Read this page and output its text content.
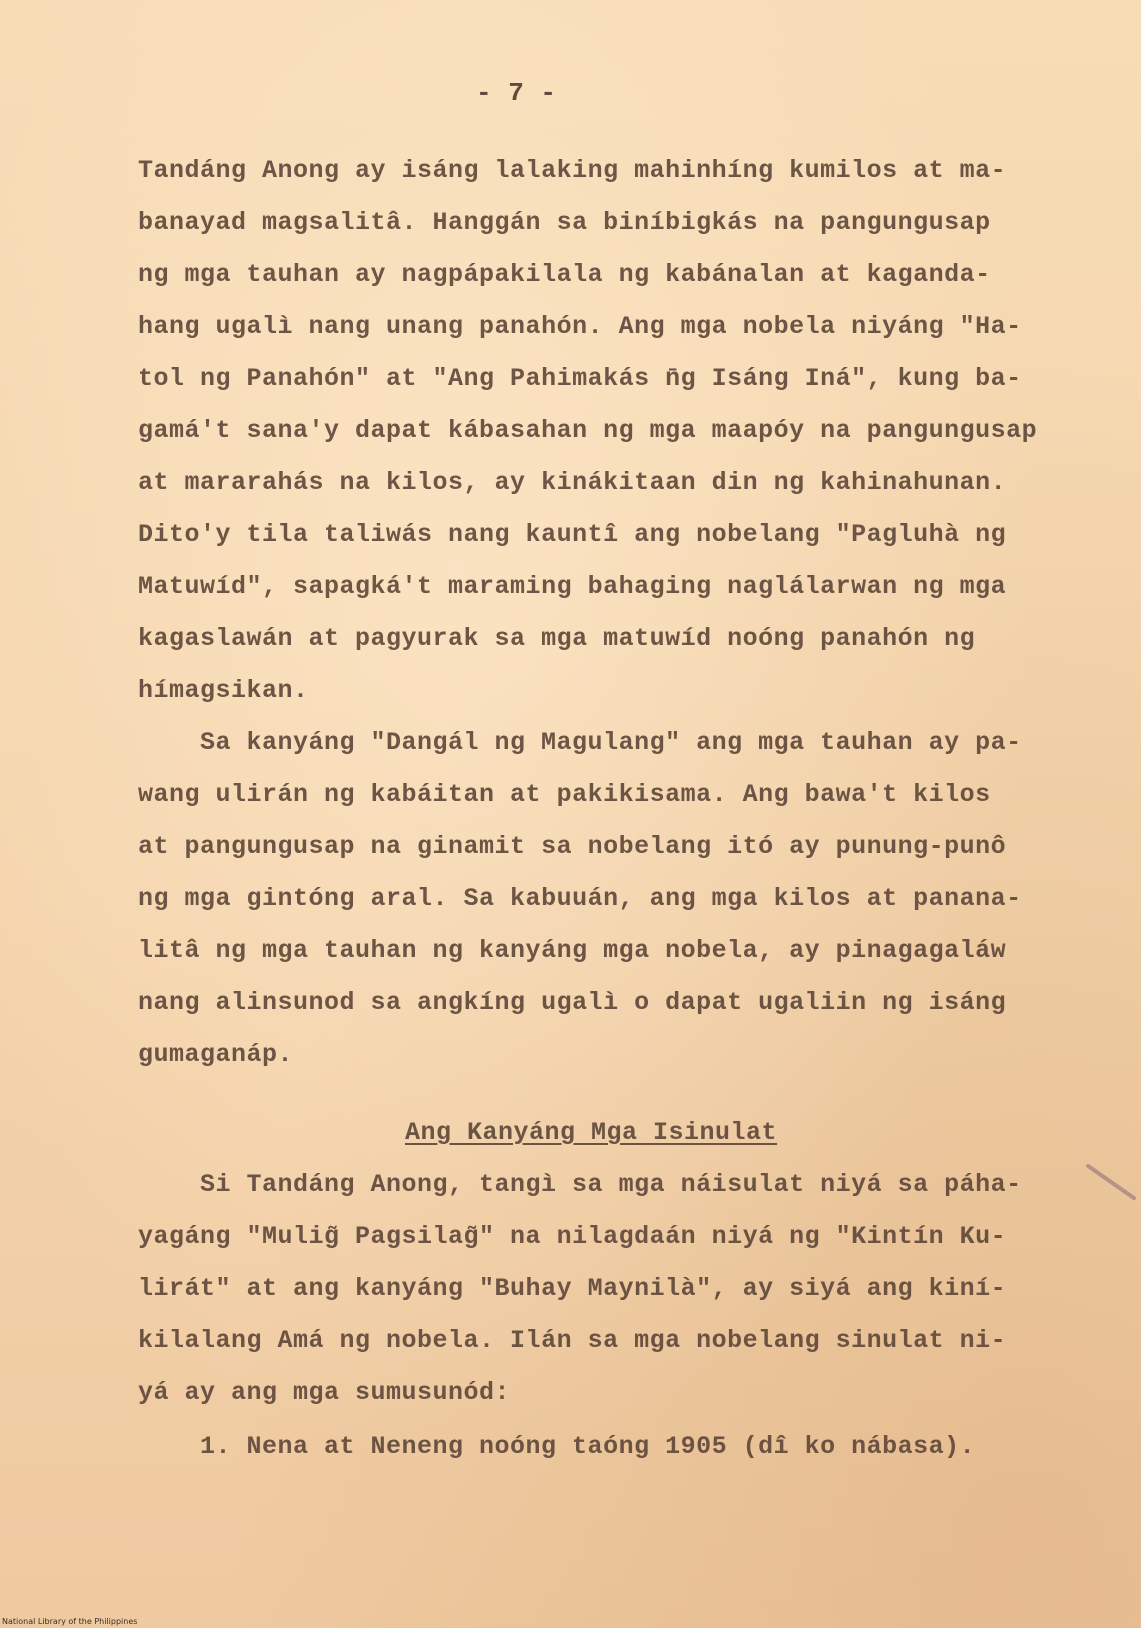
- 7 -
Tandáng Anong ay isáng lalaking mahinhíng kumilos at ma-
banayad magsalitâ. Hanggán sa biníbigkás na pangungusap
ng mga tauhan ay nagpápakilala ng kabánalan at kaganda-
hang ugalì nang unang panahón. Ang mga nobela niyáng "Ha-
tol ng Panahón" at "Ang Pahimakás n̄g Isáng Iná", kung ba-
gamá't sana'y dapat kábasahan ng mga maapóy na pangungusap
at mararahás na kilos, ay kinákitaan din ng kahinahunan.
Dito'y tila taliwás nang kauntî ang nobelang "Pagluhà ng
Matuwíd", sapagká't maraming bahaging naglálarwan ng mga
kagaslawán at pagyurak sa mga matuwíd noóng panahón ng
hímagsikan.
Sa kanyáng "Dangál ng Magulang" ang mga tauhan ay pa-
wang ulirán ng kabáitan at pakikisama. Ang bawa't kilos
at pangungusap na ginamit sa nobelang itó ay punung-punô
ng mga gintóng aral. Sa kabuuán, ang mga kilos at panana-
litâ ng mga tauhan ng kanyáng mga nobela, ay pinagagaláw
nang alinsunod sa angkíng ugalì o dapat ugaliin ng isáng
gumaganáp.
Ang Kanyáng Mga Isinulat
Si Tandáng Anong, tangì sa mga náisulat niyá sa páha-
yagáng "Mulig̃ Pagsilag̃" na nilagdaán niyá ng "Kintín Ku-
lirát" at ang kanyáng "Buhay Maynilà", ay siyá ang kiní-
kilalang Amá ng nobela. Ilán sa mga nobelang sinulat ni-
yá ay ang mga sumusunód:
1. Nena at Neneng noóng taóng 1905 (dî ko nábasa).
National Library of the Philippines
